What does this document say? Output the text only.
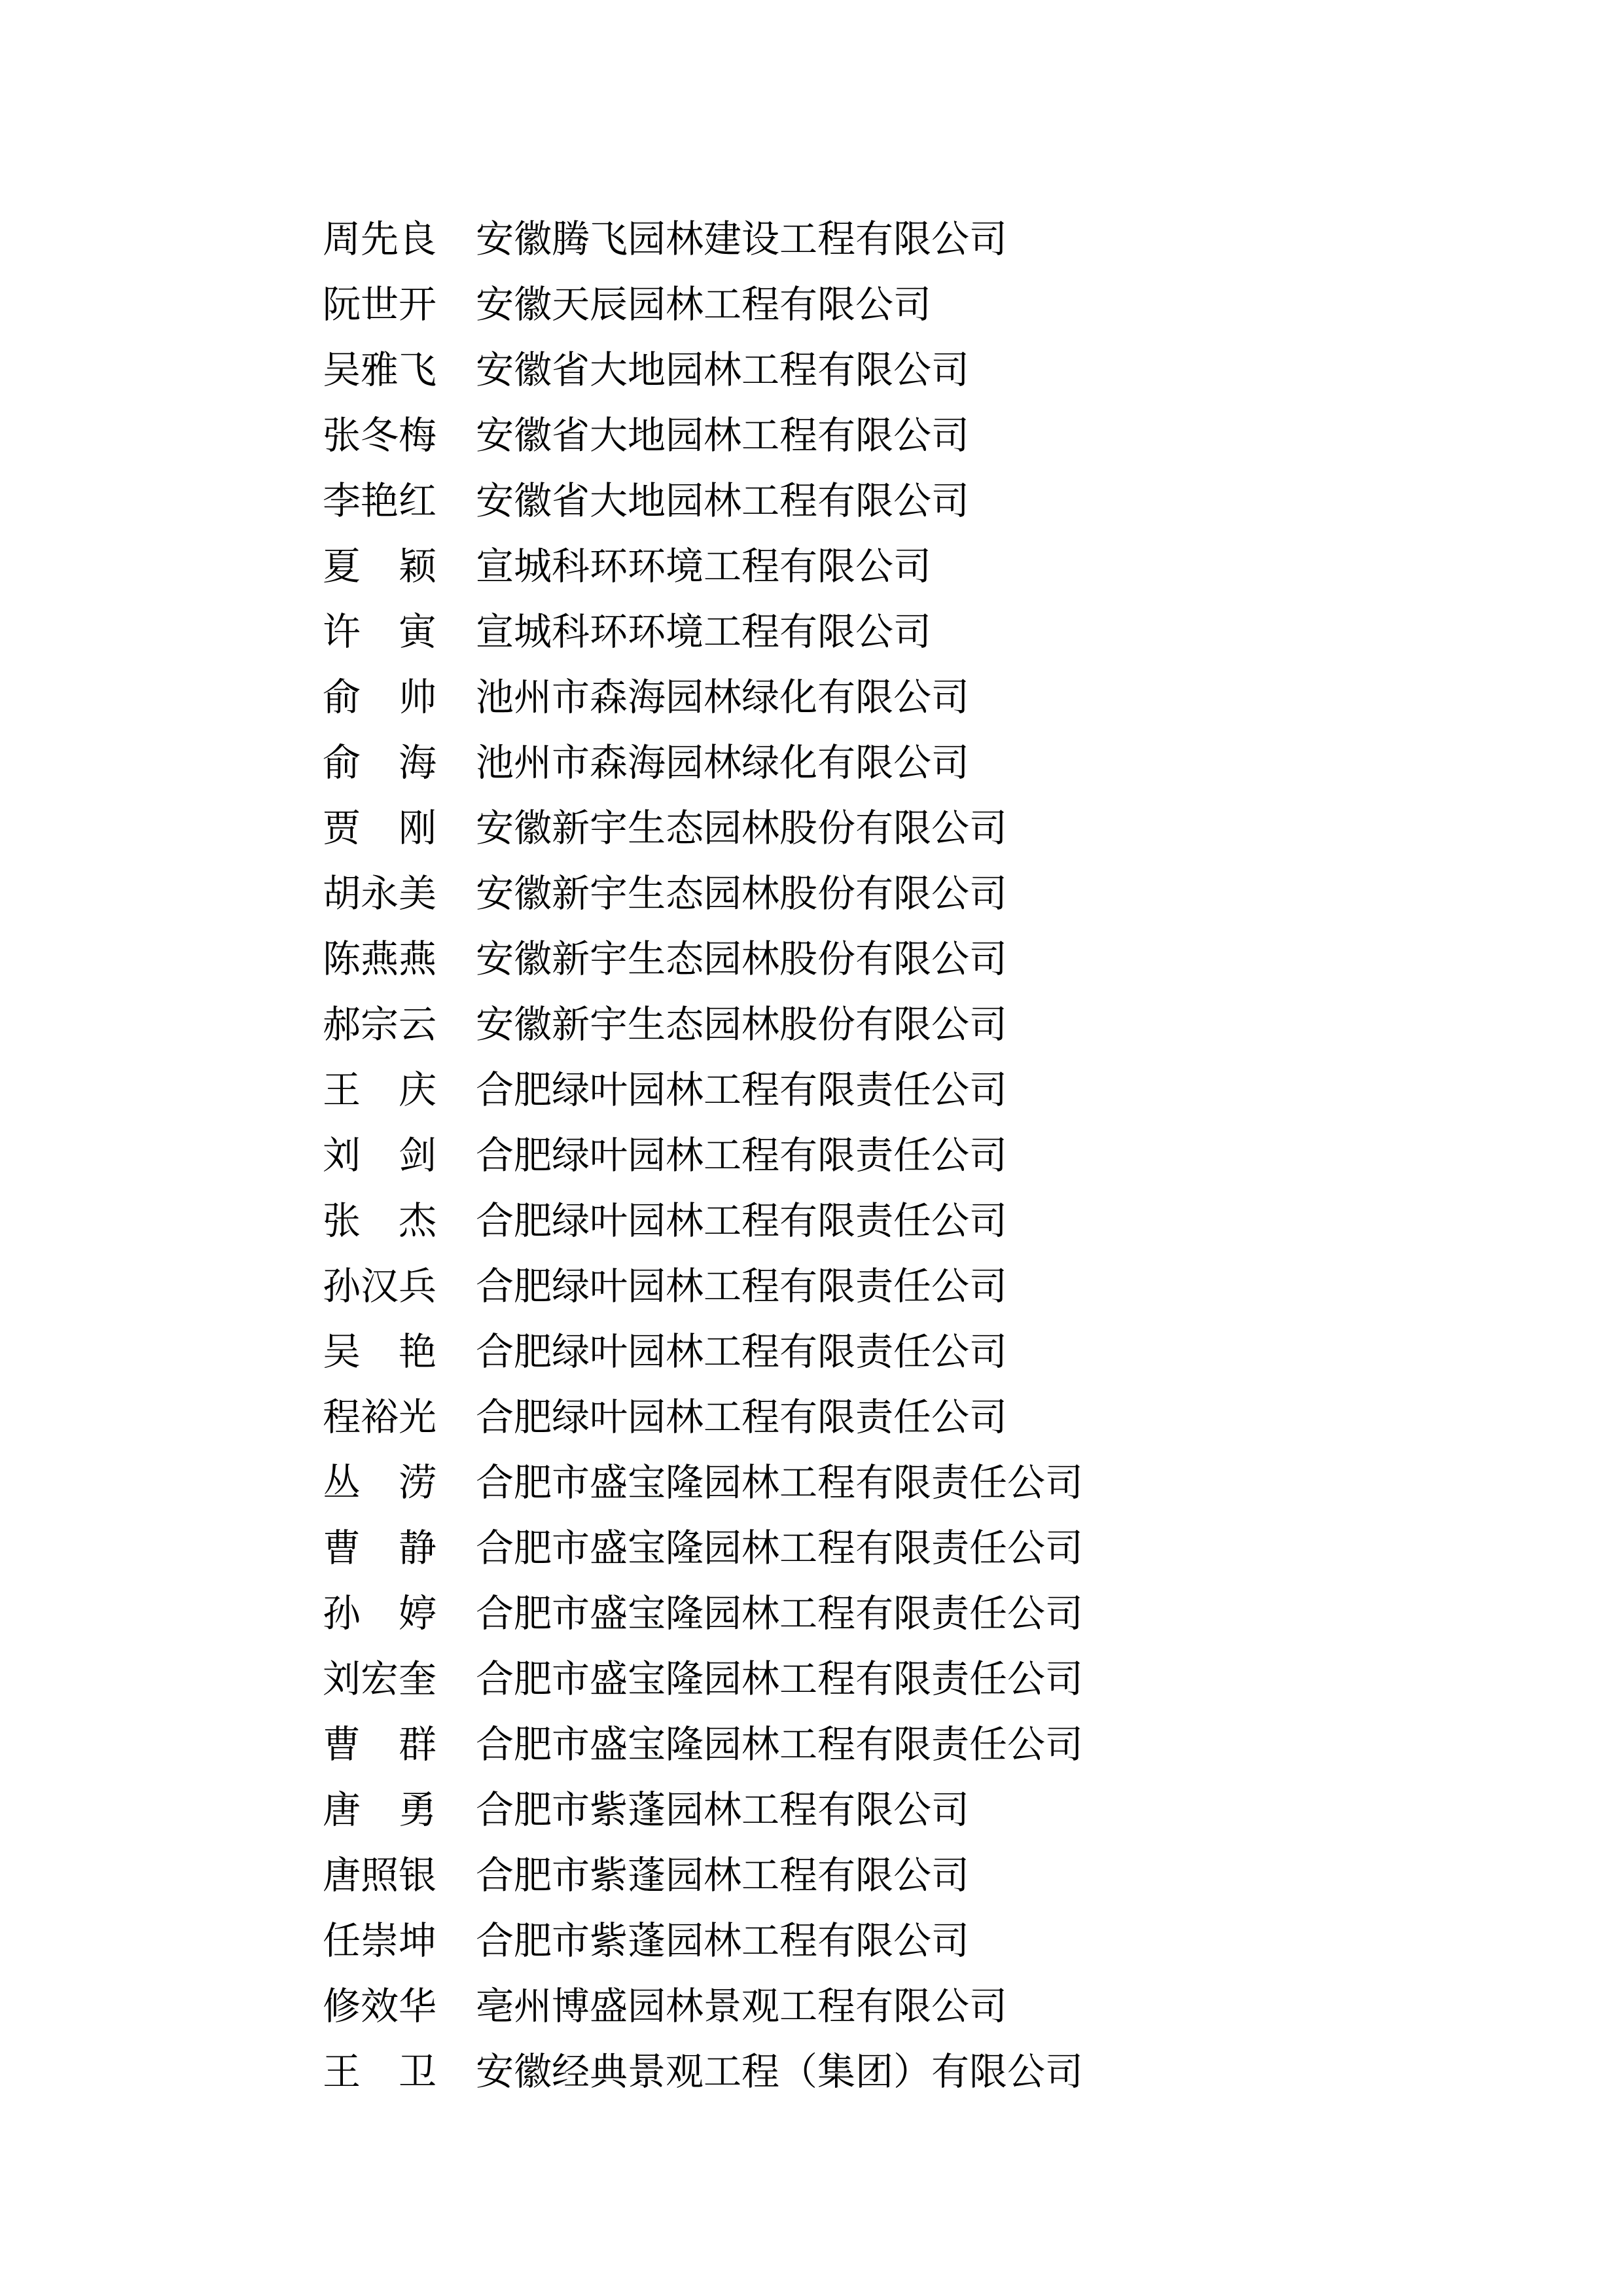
周先良	安徽腾飞园林建设工程有限公司
阮世开	安徽天辰园林工程有限公司
吴雅飞	安徽省大地园林工程有限公司
张冬梅	安徽省大地园林工程有限公司
李艳红	安徽省大地园林工程有限公司
夏　颖	宣城科环环境工程有限公司
许　寅	宣城科环环境工程有限公司
俞　帅	池州市森海园林绿化有限公司
俞　海	池州市森海园林绿化有限公司
贾　刚	安徽新宇生态园林股份有限公司
胡永美	安徽新宇生态园林股份有限公司
陈燕燕	安徽新宇生态园林股份有限公司
郝宗云	安徽新宇生态园林股份有限公司
王　庆	合肥绿叶园林工程有限责任公司
刘　剑	合肥绿叶园林工程有限责任公司
张　杰	合肥绿叶园林工程有限责任公司
孙汉兵	合肥绿叶园林工程有限责任公司
吴　艳	合肥绿叶园林工程有限责任公司
程裕光	合肥绿叶园林工程有限责任公司
丛　涝	合肥市盛宝隆园林工程有限责任公司
曹　静	合肥市盛宝隆园林工程有限责任公司
孙　婷	合肥市盛宝隆园林工程有限责任公司
刘宏奎	合肥市盛宝隆园林工程有限责任公司
曹　群	合肥市盛宝隆园林工程有限责任公司
唐　勇	合肥市紫蓬园林工程有限公司
唐照银	合肥市紫蓬园林工程有限公司
任崇坤	合肥市紫蓬园林工程有限公司
修效华	亳州博盛园林景观工程有限公司
王　卫	安徽经典景观工程（集团）有限公司
